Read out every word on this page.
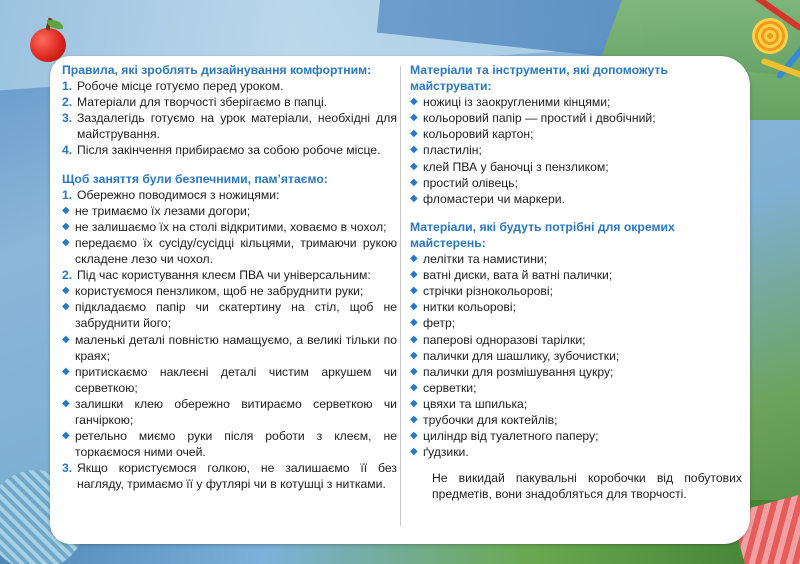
Правила, які зроблять дизайнування комфортним:

1. Робоче місце готуємо перед уроком.
2. Матеріали для творчості зберігаємо в папці.
3. Заздалегідь готуємо на урок матеріали, необхідні для майстрування.
4. Після закінчення прибираємо за собою робоче місце.

Щоб заняття були безпечними, пам’ятаємо:

1. Обережно поводимося з ножицями:
◆ не тримаємо їх лезами догори;
◆ не залишаємо їх на столі відкритими, ховаємо в чохол;
◆ передаємо їх сусіду/сусідці кільцями, тримаючи рукою складене лезо чи чохол.
2. Під час користування клеєм ПВА чи універсальним:
◆ користуємося пензликом, щоб не забруднити руки;
◆ підкладаємо папір чи скатертину на стіл, щоб не забруднити його;
◆ маленькі деталі повністю намащуємо, а великі тільки по краях;
◆ притискаємо наклеєні деталі чистим аркушем чи серветкою;
◆ залишки клею обережно витираємо серветкою чи ганчіркою;
◆ ретельно миємо руки після роботи з клеєм, не торкаємося ними очей.
3. Якщо користуємося голкою, не залишаємо її без нагляду, тримаємо її у футлярі чи в котушці з нитками.

Матеріали та інструменти, які допоможуть майструвати:

◆ ножиці із заокругленими кінцями;
◆ кольоровий папір — простий і двобічний;
◆ кольоровий картон;
◆ пластилін;
◆ клей ПВА у баночці з пензликом;
◆ простий олівець;
◆ фломастери чи маркери.

Матеріали, які будуть потрібні для окремих майстерень:

◆ лелітки та намистини;
◆ ватні диски, вата й ватні палички;
◆ стрічки різнокольорові;
◆ нитки кольорові;
◆ фетр;
◆ паперові одноразові тарілки;
◆ палички для шашлику, зубочистки;
◆ палички для розмішування цукру;
◆ серветки;
◆ цвяхи та шпилька;
◆ трубочки для коктейлів;
◆ циліндр від туалетного паперу;
◆ ґудзики.
Не викидай пакувальні коробочки від побутових предметів, вони знадобляться для творчості.
